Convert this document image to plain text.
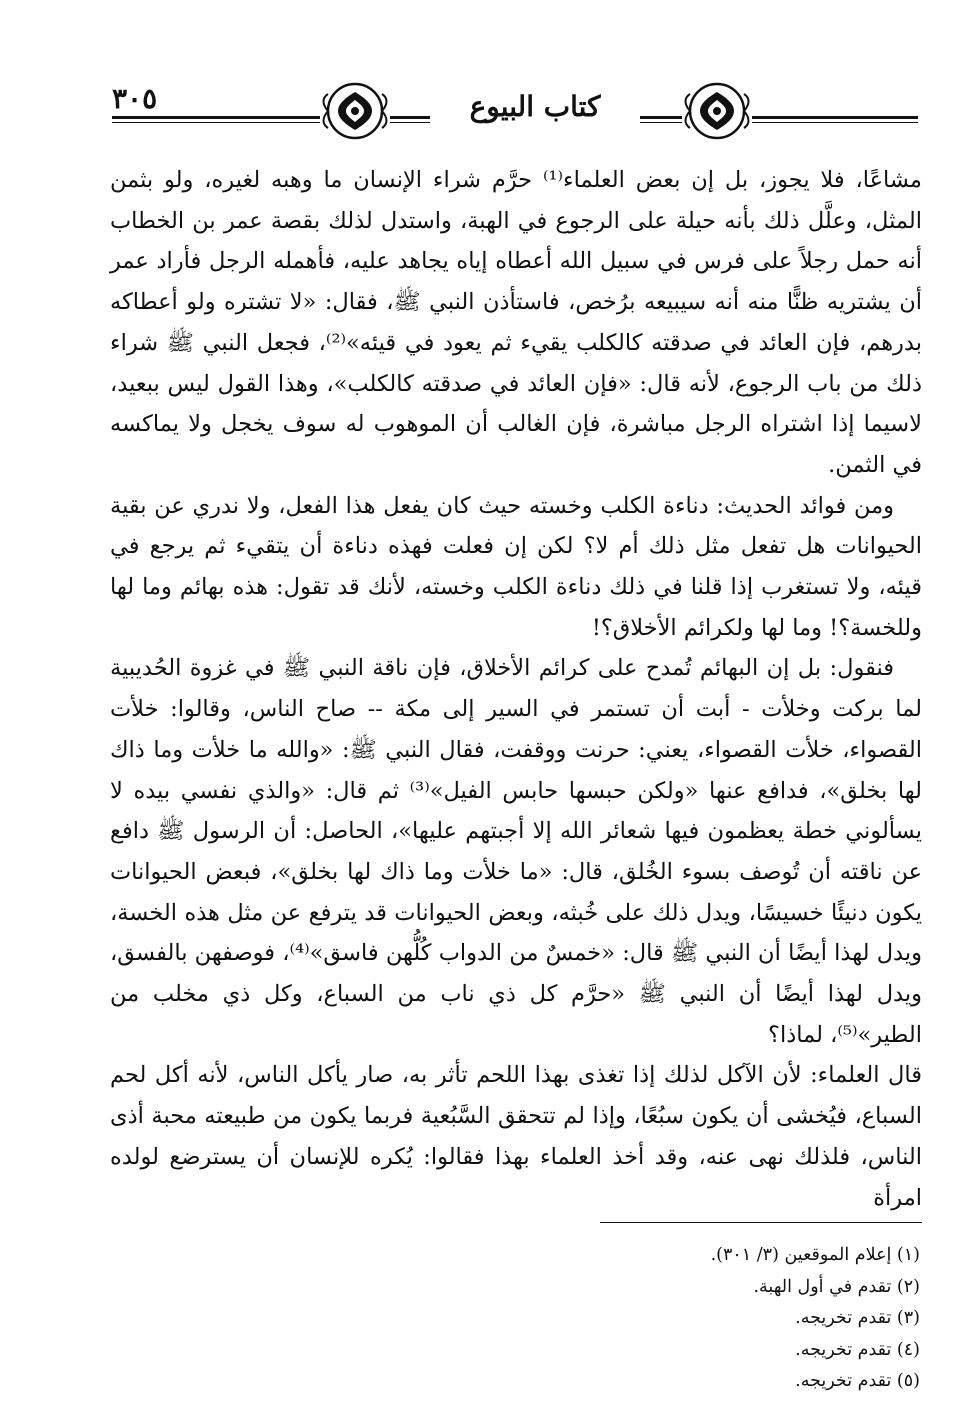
٣٠٥	كتاب البيوع

مشاعًا، فلا يجوز، بل إن بعض العلماء⁽¹⁾ حرَّم شراء الإنسان ما وهبه لغيره، ولو بثمن المثل، وعلَّل ذلك بأنه حيلة على الرجوع في الهبة، واستدل لذلك بقصة عمر بن الخطاب أنه حمل رجلاً على فرس في سبيل الله أعطاه إياه يجاهد عليه، فأهمله الرجل فأراد عمر أن يشتريه ظنًّا منه أنه سيبيعه برُخص، فاستأذن النبي ﷺ، فقال: «لا تشتره ولو أعطاكه بدرهم، فإن العائد في صدقته كالكلب يقيء ثم يعود في قيئه»⁽²⁾، فجعل النبي ﷺ شراء ذلك من باب الرجوع، لأنه قال: «فإن العائد في صدقته كالكلب»، وهذا القول ليس ببعيد، لاسيما إذا اشتراه الرجل مباشرة، فإن الغالب أن الموهوب له سوف يخجل ولا يماكسه في الثمن.

ومن فوائد الحديث: دناءة الكلب وخسته حيث كان يفعل هذا الفعل، ولا ندري عن بقية الحيوانات هل تفعل مثل ذلك أم لا؟ لكن إن فعلت فهذه دناءة أن يتقيء ثم يرجع في قيئه، ولا تستغرب إذا قلنا في ذلك دناءة الكلب وخسته، لأنك قد تقول: هذه بهائم وما لها وللخسة؟! وما لها ولكرائم الأخلاق؟!

فنقول: بل إن البهائم تُمدح على كرائم الأخلاق، فإن ناقة النبي ﷺ في غزوة الحُديبية لما بركت وخلأت - أبت أن تستمر في السير إلى مكة -- صاح الناس، وقالوا: خلأت القصواء، خلأت القصواء، يعني: حرنت ووقفت، فقال النبي ﷺ: «والله ما خلأت وما ذاك لها بخلق»، فدافع عنها «ولكن حبسها حابس الفيل»⁽³⁾ ثم قال: «والذي نفسي بيده لا يسألوني خطة يعظمون فيها شعائر الله إلا أجبتهم عليها»، الحاصل: أن الرسول ﷺ دافع عن ناقته أن تُوصف بسوء الخُلق، قال: «ما خلأت وما ذاك لها بخلق»، فبعض الحيوانات يكون دنيئًا خسيسًا، ويدل ذلك على خُبثه، وبعض الحيوانات قد يترفع عن مثل هذه الخسة، ويدل لهذا أيضًا أن النبي ﷺ قال: «خمسٌ من الدواب كُلُّهن فاسق»⁽⁴⁾، فوصفهن بالفسق، ويدل لهذا أيضًا أن النبي ﷺ «حرَّم كل ذي ناب من السباع، وكل ذي مخلب من الطير»⁽⁵⁾، لماذا؟

قال العلماء: لأن الآكل لذلك إذا تغذى بهذا اللحم تأثر به، صار يأكل الناس، لأنه أكل لحم السباع، فيُخشى أن يكون سبُعًا، وإذا لم تتحقق السَّبُعية فربما يكون من طبيعته محبة أذى الناس، فلذلك نهى عنه، وقد أخذ العلماء بهذا فقالوا: يُكره للإنسان أن يسترضع لولده امرأة

(١) إعلام الموقعين (٣/ ٣٠١).
(٢) تقدم في أول الهبة.
(٣) تقدم تخريجه.
(٤) تقدم تخريجه.
(٥) تقدم تخريجه.
